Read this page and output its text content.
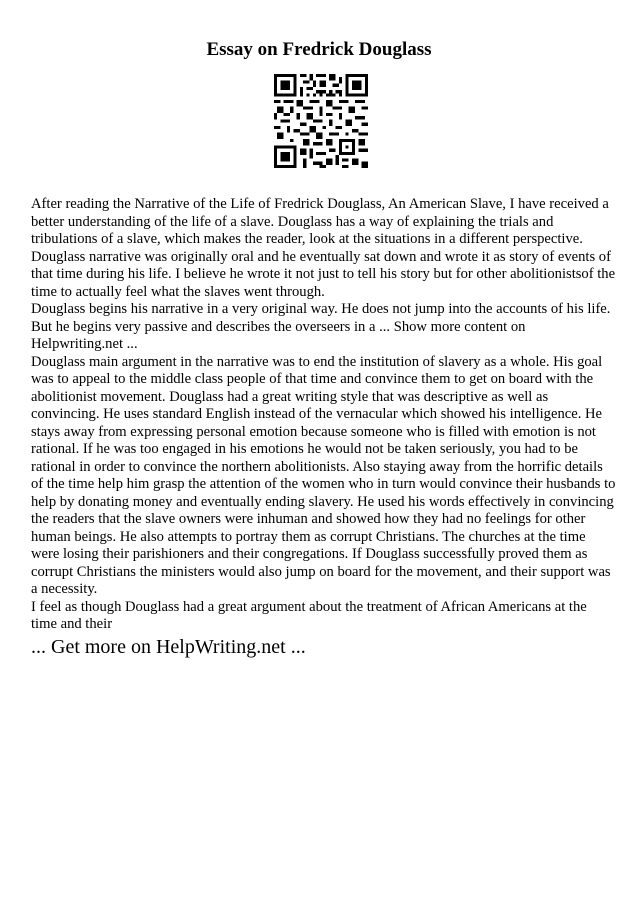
Essay on Fredrick Douglass

After reading the Narrative of the Life of Fredrick Douglass, An American Slave, I have received a better understanding of the life of a slave. Douglass has a way of explaining the trials and tribulations of a slave, which makes the reader, look at the situations in a different perspective. Douglass narrative was originally oral and he eventually sat down and wrote it as story of events of that time during his life. I believe he wrote it not just to tell his story but for other abolitionistsof the time to actually feel what the slaves went through.

Douglass begins his narrative in a very original way. He does not jump into the accounts of his life. But he begins very passive and describes the overseers in a ... Show more content on Helpwriting.net ...

Douglass main argument in the narrative was to end the institution of slavery as a whole. His goal was to appeal to the middle class people of that time and convince them to get on board with the abolitionist movement. Douglass had a great writing style that was descriptive as well as convincing. He uses standard English instead of the vernacular which showed his intelligence. He stays away from expressing personal emotion because someone who is filled with emotion is not rational. If he was too engaged in his emotions he would not be taken seriously, you had to be rational in order to convince the northern abolitionists. Also staying away from the horrific details of the time help him grasp the attention of the women who in turn would convince their husbands to help by donating money and eventually ending slavery. He used his words effectively in convincing the readers that the slave owners were inhuman and showed how they had no feelings for other human beings. He also attempts to portray them as corrupt Christians. The churches at the time were losing their parishioners and their congregations. If Douglass successfully proved them as corrupt Christians the ministers would also jump on board for the movement, and their support was a necessity.

I feel as though Douglass had a great argument about the treatment of African Americans at the time and their

... Get more on HelpWriting.net ...
